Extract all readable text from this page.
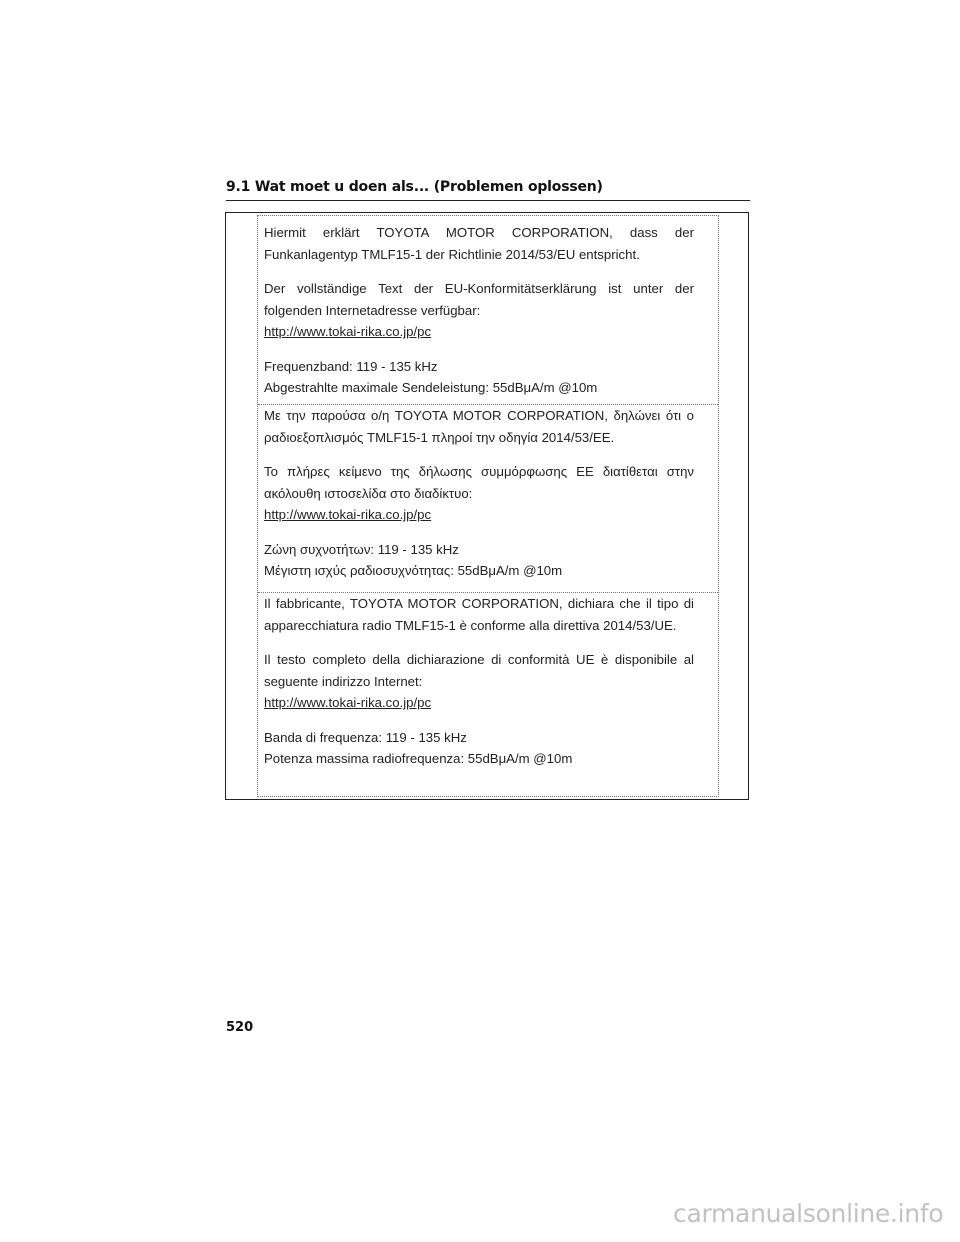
9.1 Wat moet u doen als... (Problemen oplossen)

Hiermit erklärt TOYOTA MOTOR CORPORATION, dass der Funkanlagentyp TMLF15-1 der Richtlinie 2014/53/EU entspricht.

Der vollständige Text der EU-Konformitätserklärung ist unter der folgenden Internetadresse verfügbar:

http://www.tokai-rika.co.jp/pc

Frequenzband: 119 - 135 kHz

Abgestrahlte maximale Sendeleistung: 55dBμA/m @10m

Με την παρούσα ο/η TOYOTA MOTOR CORPORATION, δηλώνει ότι ο ραδιοεξοπλισμός TMLF15-1 πληροί την οδηγία 2014/53/ΕΕ.

Το πλήρες κείμενο της δήλωσης συμμόρφωσης ΕΕ διατίθεται στην ακόλουθη ιστοσελίδα στο διαδίκτυο:

http://www.tokai-rika.co.jp/pc

Ζώνη συχνοτήτων: 119 - 135 kHz

Μέγιστη ισχύς ραδιοσυχνότητας: 55dBμA/m @10m

Il fabbricante, TOYOTA MOTOR CORPORATION, dichiara che il tipo di apparecchiatura radio TMLF15-1 è conforme alla direttiva 2014/53/UE.

Il testo completo della dichiarazione di conformità UE è disponibile al seguente indirizzo Internet:

http://www.tokai-rika.co.jp/pc

Banda di frequenza: 119 - 135 kHz

Potenza massima radiofrequenza: 55dBμA/m @10m

520
carmanualsonline.info
